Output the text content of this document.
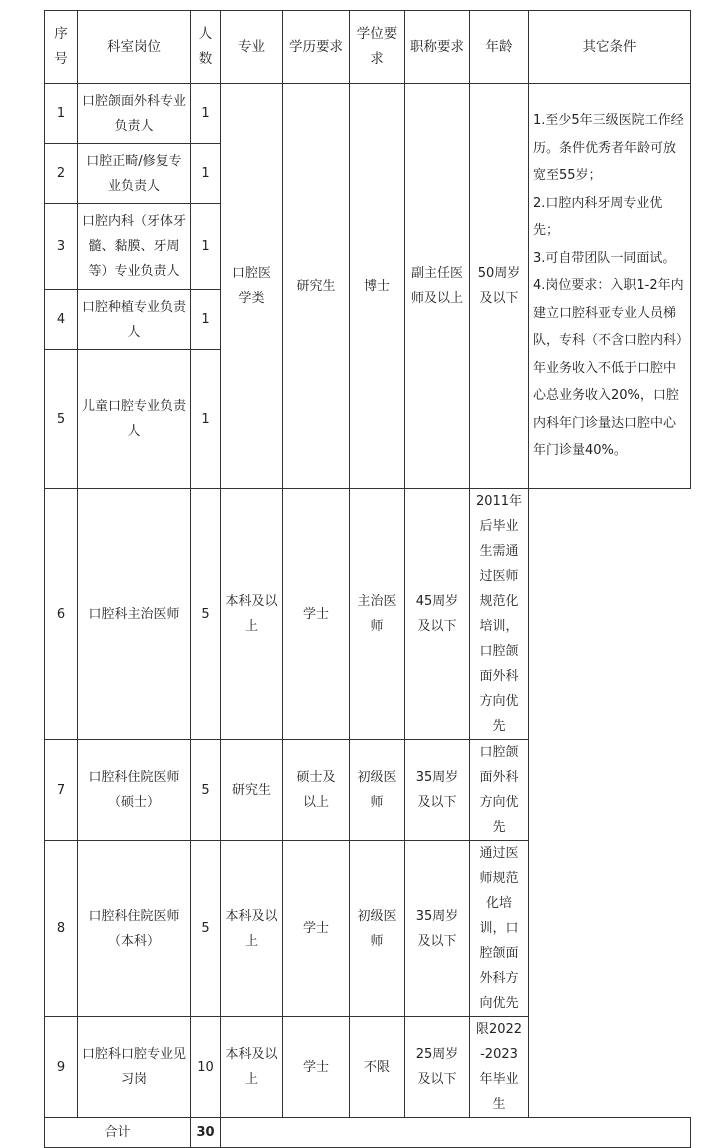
序号	科室岗位	人数	专业	学历要求	学位要求	职称要求	年龄	其它条件
1	口腔颌面外科专业负责人	1	口腔医学类	研究生	博士	副主任医师及以上	50周岁及以下	1.至少5年三级医院工作经历。条件优秀者年龄可放宽至55岁；
2.口腔内科牙周专业优先；
3.可自带团队一同面试。
4.岗位要求：入职1-2年内建立口腔科亚专业人员梯队，专科（不含口腔内科）年业务收入不低于口腔中心总业务收入20%，口腔内科年门诊量达口腔中心年门诊量40%。
2	口腔正畸/修复专业负责人	1						
3	口腔内科（牙体牙髓、黏膜、牙周等）专业负责人	1						
4	口腔种植专业负责人	1						
5	儿童口腔专业负责人	1						
6	口腔科主治医师	5	本科及以上	学士	主治医师	45周岁及以下	2011年后毕业生需通过医师规范化培训，口腔颌面外科方向优先	
7	口腔科住院医师（硕士）	5	研究生	硕士及以上	初级医师	35周岁及以下	口腔颌面外科方向优先	
8	口腔科住院医师（本科）	5	本科及以上	学士	初级医师	35周岁及以下	通过医师规范化培训，口腔颌面外科方向优先	
9	口腔科口腔专业见习岗	10	本科及以上	学士	不限	25周岁及以下	限2022-2023年毕业生	
合计		30						
